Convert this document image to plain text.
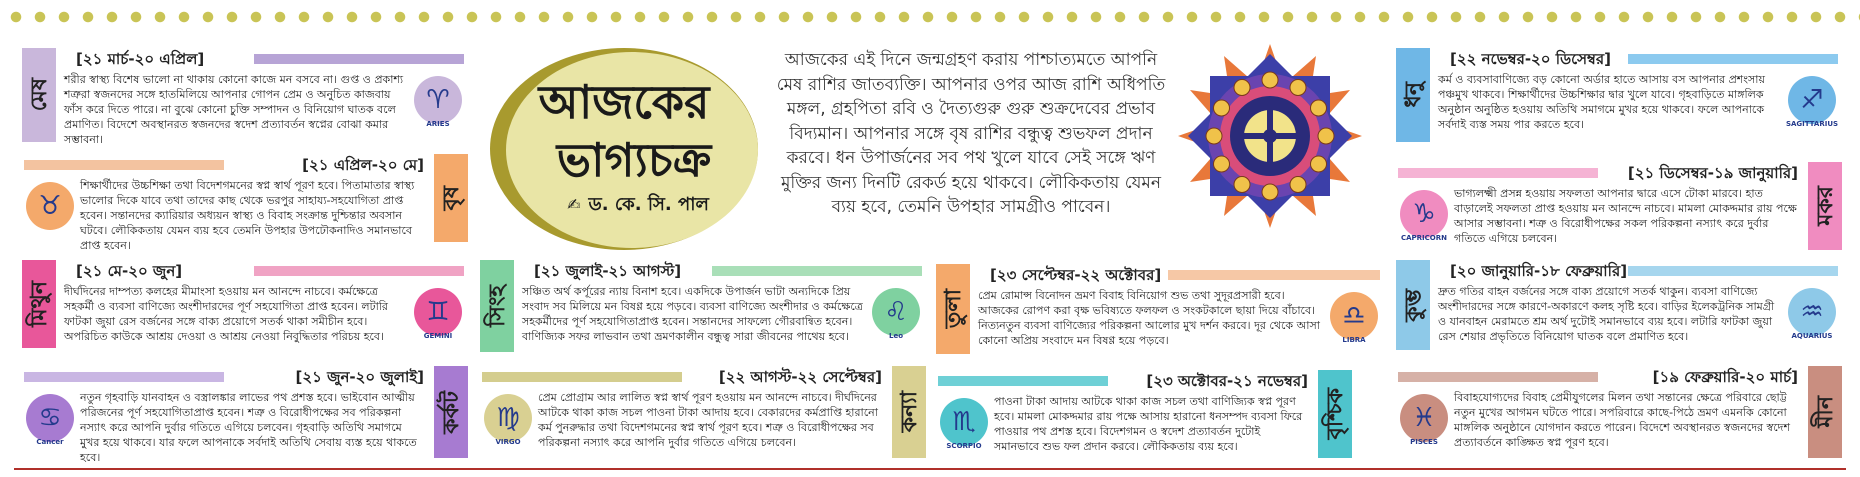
আজকের
ভাগ্যচক্র
✍ ড. কে. সি. পাল
আজকের এই দিনে জন্মগ্রহণ করায় পাশ্চাত্যমতে আপনি মেষ রাশির জাতব্যক্তি। আপনার ওপর আজ রাশি অধিপতি মঙ্গল, গ্রহপিতা রবি ও দৈত্যগুরু গুরু শুক্রদেবের প্রভাব বিদ্যমান। আপনার সঙ্গে বৃষ রাশির বন্ধুত্ব শুভফল প্রদান করবে। ধন উপার্জনের সব পথ খুলে যাবে সেই সঙ্গে ঋণ মুক্তির জন্য দিনটি রেকর্ড হয়ে থাকবে। লৌকিকতায় যেমন ব্যয় হবে, তেমনি উপহার সামগ্রীও পাবেন।
মেষ
[২১ মার্চ-২০ এপ্রিল]
♈
ARIES
শরীর স্বাস্থ্য বিশেষ ভালো না থাকায় কোনো কাজে মন বসবে না। গুপ্ত ও প্রকাশ্য শত্রুরা স্বজনদের সঙ্গে হাতমিলিয়ে আপনার গোপন প্রেম ও অনুচিত কাজবায় ফাঁস করে দিতে পারে। না বুঝে কোনো চুক্তি সম্পাদন ও বিনিয়োগ ঘাতক বলে প্রমাণিত। বিদেশে অবস্থানরত স্বজনদের স্বদেশ প্রত্যাবর্তন স্বপ্নের বোঝা কমার সম্ভাবনা।
বৃষ
[২১ এপ্রিল-২০ মে]
♉
শিক্ষার্থীদের উচ্চশিক্ষা তথা বিদেশগমনের স্বপ্ন স্বার্থ পূরণ হবে। পিতামাতার স্বাস্থ্য ভালোর দিকে যাবে তথা তাদের কাছ থেকে ভরপুর সাহায্য-সহযোগিতা প্রাপ্ত হবেন। সন্তানদের ক্যারিয়ার অধ্যয়ন স্বাস্থ্য ও বিবাহ সংক্রান্ত দুশ্চিন্তার অবসান ঘটবে। লৌকিকতায় যেমন ব্যয় হবে তেমনি উপহার উপঢৌকনাদিও সমানভাবে প্রাপ্ত হবেন।
মিথুন
[২১ মে-২০ জুন]
♊
GEMINI
দীর্ঘদিনের দাম্পত্য কলহের মীমাংসা হওয়ায় মন আনন্দে নাচবে। কর্মক্ষেত্রে সহকর্মী ও ব্যবসা বাণিজ্যে অংশীদারদের পূর্ণ সহযোগিতা প্রাপ্ত হবেন। লটারি ফাটকা জুয়া রেস বর্জনের সঙ্গে বাক্য প্রয়োগে সতর্ক থাকা সমীচীন হবে। অপরিচিত কাউকে আশ্রয় দেওয়া ও আশ্রয় নেওয়া নিবুদ্ধিতার পরিচয় হবে।
কর্কট
[২১ জুন-২০ জুলাই]
♋
Cancer
নতুন গৃহবাড়ি যানবাহন ও বস্ত্রালঙ্কার লাভের পথ প্রশস্ত হবে। ভাইবোন আত্মীয় পরিজনের পূর্ণ সহযোগিতাপ্রাপ্ত হবেন। শত্রু ও বিরোধীপক্ষের সব পরিকল্পনা নস্যাৎ করে আপনি দুর্বার গতিতে এগিয়ে চলবেন। গৃহবাড়ি অতিথি সমাগমে মুখর হয়ে থাকবে। যার ফলে আপনাকে সর্বদাই অতিথি সেবায় ব্যস্ত হয়ে থাকতে হবে।
সিংহ
[২১ জুলাই-২১ আগস্ট]
♌
Leo
সঞ্চিত অর্থ কর্পূরের ন্যায় বিনাশ হবে। একদিকে উপার্জন ভাটা অন্যদিকে প্রিয় সংবাদ সব মিলিয়ে মন বিষণ্ণ হয়ে পড়বে। ব্যবসা বাণিজ্যে অংশীদার ও কর্মক্ষেত্রে সহকর্মীদের পূর্ণ সহযোগিতাপ্রাপ্ত হবেন। সন্তানদের সাফল্যে গৌরবান্বিত হবেন। বাণিজ্যিক সফর লাভবান তথা ভ্রমণকালীন বন্ধুত্ব সারা জীবনের পাথেয় হবে।
কন্যা
[২২ আগস্ট-২২ সেপ্টেম্বর]
♍
VIRGO
প্রেম প্রোগ্রাম আর লালিত স্বপ্ন স্বার্থ পূরণ হওয়ায় মন আনন্দে নাচবে। দীর্ঘদিনের আটকে থাকা কাজ সচল পাওনা টাকা আদায় হবে। বেকারদের কর্মপ্রাপ্তি হারানো কর্ম পুনরুদ্ধার তথা বিদেশগমনের স্বপ্ন স্বার্থ পূরণ হবে। শত্রু ও বিরোধীপক্ষের সব পরিকল্পনা নস্যাৎ করে আপনি দুর্বার গতিতে এগিয়ে চলবেন।
তুলা
[২৩ সেপ্টেম্বর-২২ অক্টোবর]
♎
LIBRA
প্রেম রোমান্স বিনোদন ভ্রমণ বিবাহ বিনিয়োগ শুভ তথা সুদূরপ্রসারী হবে। আজকের রোপণ করা বৃক্ষ ভবিষ্যতে ফলফল ও সংকটকালে ছায়া দিয়ে বাঁচাবে। নিত্যনতুন ব্যবসা বাণিজ্যের পরিকল্পনা আলোর মুখ দর্শন করবে। দূর থেকে আসা কোনো অপ্রিয় সংবাদে মন বিষণ্ণ হয়ে পড়বে।
বৃশ্চিক
[২৩ অক্টোবর-২১ নভেম্বর]
♏
SCORPIO
পাওনা টাকা আদায় আটকে থাকা কাজ সচল তথা বাণিজ্যিক স্বপ্ন পূরণ হবে। মামলা মোকদ্দমার রায় পক্ষে আসায় হারানো ধনসম্পদ ব্যবসা ফিরে পাওয়ার পথ প্রশস্ত হবে। বিদেশগমন ও স্বদেশ প্রত্যাবর্তন দুটোই সমানভাবে শুভ ফল প্রদান করবে। লৌকিকতায় ব্যয় হবে।
ধনু
[২২ নভেম্বর-২০ ডিসেম্বর]
♐
SAGITTARIUS
কর্ম ও ব্যবসাবাণিজ্যে বড় কোনো অর্ডার হাতে আসায় বস আপনার প্রশংসায় পঞ্চমুখ থাকবে। শিক্ষার্থীদের উচ্চশিক্ষার দ্বার খুলে যাবে। গৃহবাড়িতে মাঙ্গলিক অনুষ্ঠান অনুষ্ঠিত হওয়ায় অতিথি সমাগমে মুখর হয়ে থাকবে। ফলে আপনাকে সর্বদাই ব্যস্ত সময় পার করতে হবে।
মকর
[২১ ডিসেম্বর-১৯ জানুয়ারি]
♑
CAPRICORN
ভাগ্যলক্ষ্মী প্রসন্ন হওয়ায় সফলতা আপনার দ্বারে এসে টোকা মারবে। হাত বাড়ালেই সফলতা প্রাপ্ত হওয়ায় মন আনন্দে নাচবে। মামলা মোকদ্দমার রায় পক্ষে আসার সম্ভাবনা। শত্রু ও বিরোধীপক্ষের সকল পরিকল্পনা নস্যাৎ করে দুর্বার গতিতে এগিয়ে চলবেন।
কুম্ভ
[২০ জানুয়ারি-১৮ ফেব্রুয়ারি]
♒
AQUARIUS
দ্রুত গতির বাহন বর্জনের সঙ্গে বাক্য প্রয়োগে সতর্ক থাকুন। ব্যবসা বাণিজ্যে অংশীদারদের সঙ্গে কারণে-অকারণে কলহ সৃষ্টি হবে। বাড়ির ইলেকট্রনিক সামগ্রী ও যানবাহন মেরামতে শ্রম অর্থ দুটোই সমানভাবে ব্যয় হবে। লটারি ফাটকা জুয়া রেস শেয়ার প্রভৃতিতে বিনিয়োগ ঘাতক বলে প্রমাণিত হবে।
মীন
[১৯ ফেব্রুয়ারি-২০ মার্চ]
♓
PISCES
বিবাহযোগ্যদের বিবাহ প্রেমীযুগলের মিলন তথা সন্তানের ক্ষেত্রে পরিবারে ছোট্ট নতুন মুখের আগমন ঘটতে পারে। সপরিবারে কাছে-পিঠে ভ্রমণ এমনকি কোনো মাঙ্গলিক অনুষ্ঠানে যোগদান করতে পারেন। বিদেশে অবস্থানরত স্বজনদের স্বদেশ প্রত্যাবর্তনে কাঙ্ক্ষিত স্বপ্ন পূরণ হবে।
